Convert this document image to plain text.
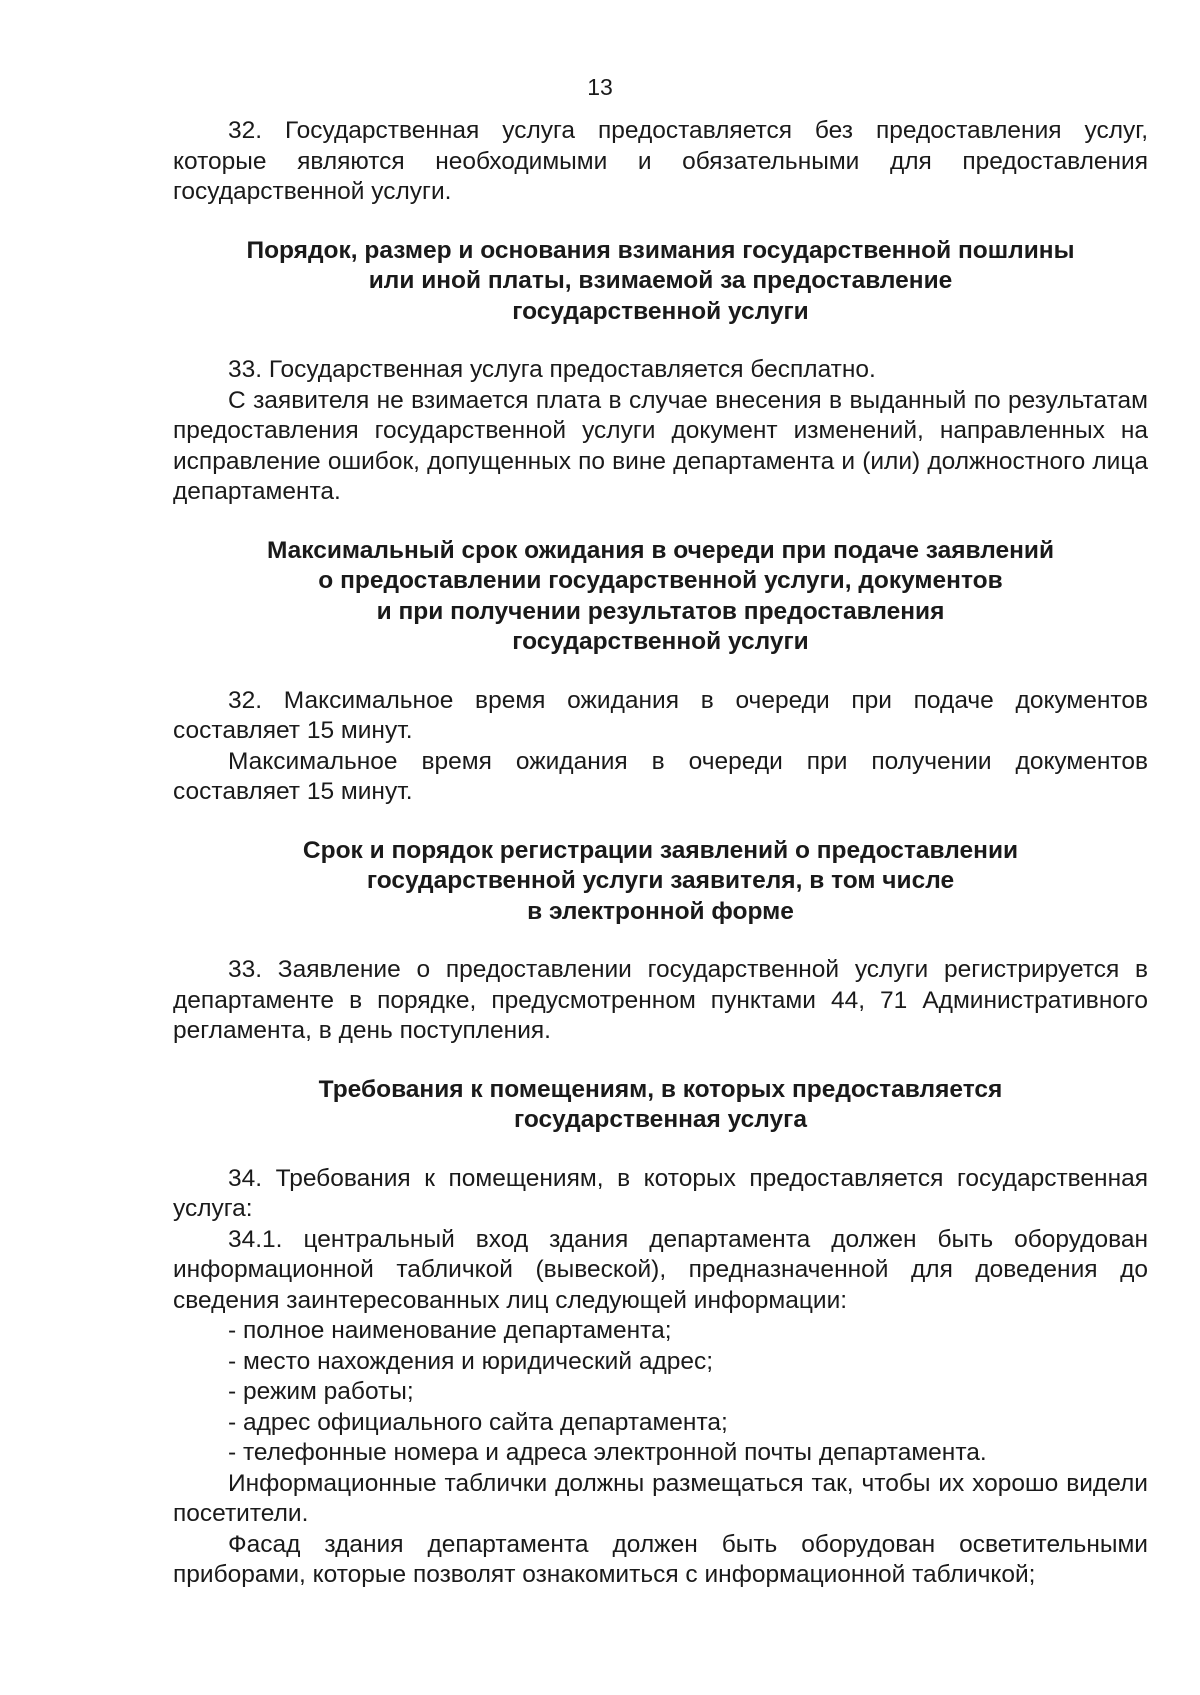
13

32. Государственная услуга предоставляется без предоставления услуг, которые являются необходимыми и обязательными для предоставления государственной услуги.

Порядок, размер и основания взимания государственной пошлины
или иной платы, взимаемой за предоставление
государственной услуги

33. Государственная услуга предоставляется бесплатно.

С заявителя не взимается плата в случае внесения в выданный по результатам предоставления государственной услуги документ изменений, направленных на исправление ошибок, допущенных по вине департамента и (или) должностного лица департамента.

Максимальный срок ожидания в очереди при подаче заявлений
о предоставлении государственной услуги, документов
и при получении результатов предоставления
государственной услуги

32. Максимальное время ожидания в очереди при подаче документов составляет 15 минут.

Максимальное время ожидания в очереди при получении документов составляет 15 минут.

Срок и порядок регистрации заявлений о предоставлении
государственной услуги заявителя, в том числе
в электронной форме

33. Заявление о предоставлении государственной услуги регистрируется в департаменте в порядке, предусмотренном пунктами 44, 71 Административного регламента, в день поступления.

Требования к помещениям, в которых предоставляется
государственная услуга

34. Требования к помещениям, в которых предоставляется государственная услуга:

34.1. центральный вход здания департамента должен быть оборудован информационной табличкой (вывеской), предназначенной для доведения до сведения заинтересованных лиц следующей информации:

- полное наименование департамента;

- место нахождения и юридический адрес;

- режим работы;

- адрес официального сайта департамента;

- телефонные номера и адреса электронной почты департамента.

Информационные таблички должны размещаться так, чтобы их хорошо видели посетители.

Фасад здания департамента должен быть оборудован осветительными приборами, которые позволят ознакомиться с информационной табличкой;
